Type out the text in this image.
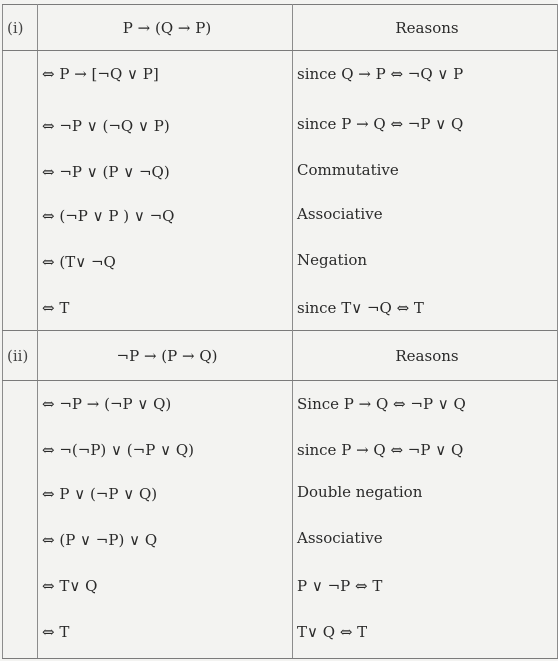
(i)	P → (Q → P)	Reasons

	⇔ P → [¬Q ∨ P]	since Q → P ⇔ ¬Q ∨ P

	⇔ ¬P ∨ (¬Q ∨ P)	since P → Q ⇔ ¬P ∨ Q

	⇔ ¬P ∨ (P ∨ ¬Q)	Commutative

	⇔ (¬P ∨ P ) ∨ ¬Q	Associative

	⇔ (T∨ ¬Q	Negation

	⇔ T	since T∨ ¬Q ⇔ T
(ii)	¬P → (P → Q)	Reasons

	⇔ ¬P → (¬P ∨ Q)	Since P → Q ⇔ ¬P ∨ Q

	⇔ ¬(¬P) ∨ (¬P ∨ Q)	since P → Q ⇔ ¬P ∨ Q

	⇔ P ∨ (¬P ∨ Q)	Double negation

	⇔ (P ∨ ¬P) ∨ Q	Associative

	⇔ T∨ Q	P ∨ ¬P ⇔ T

	⇔ T	T∨ Q ⇔ T
